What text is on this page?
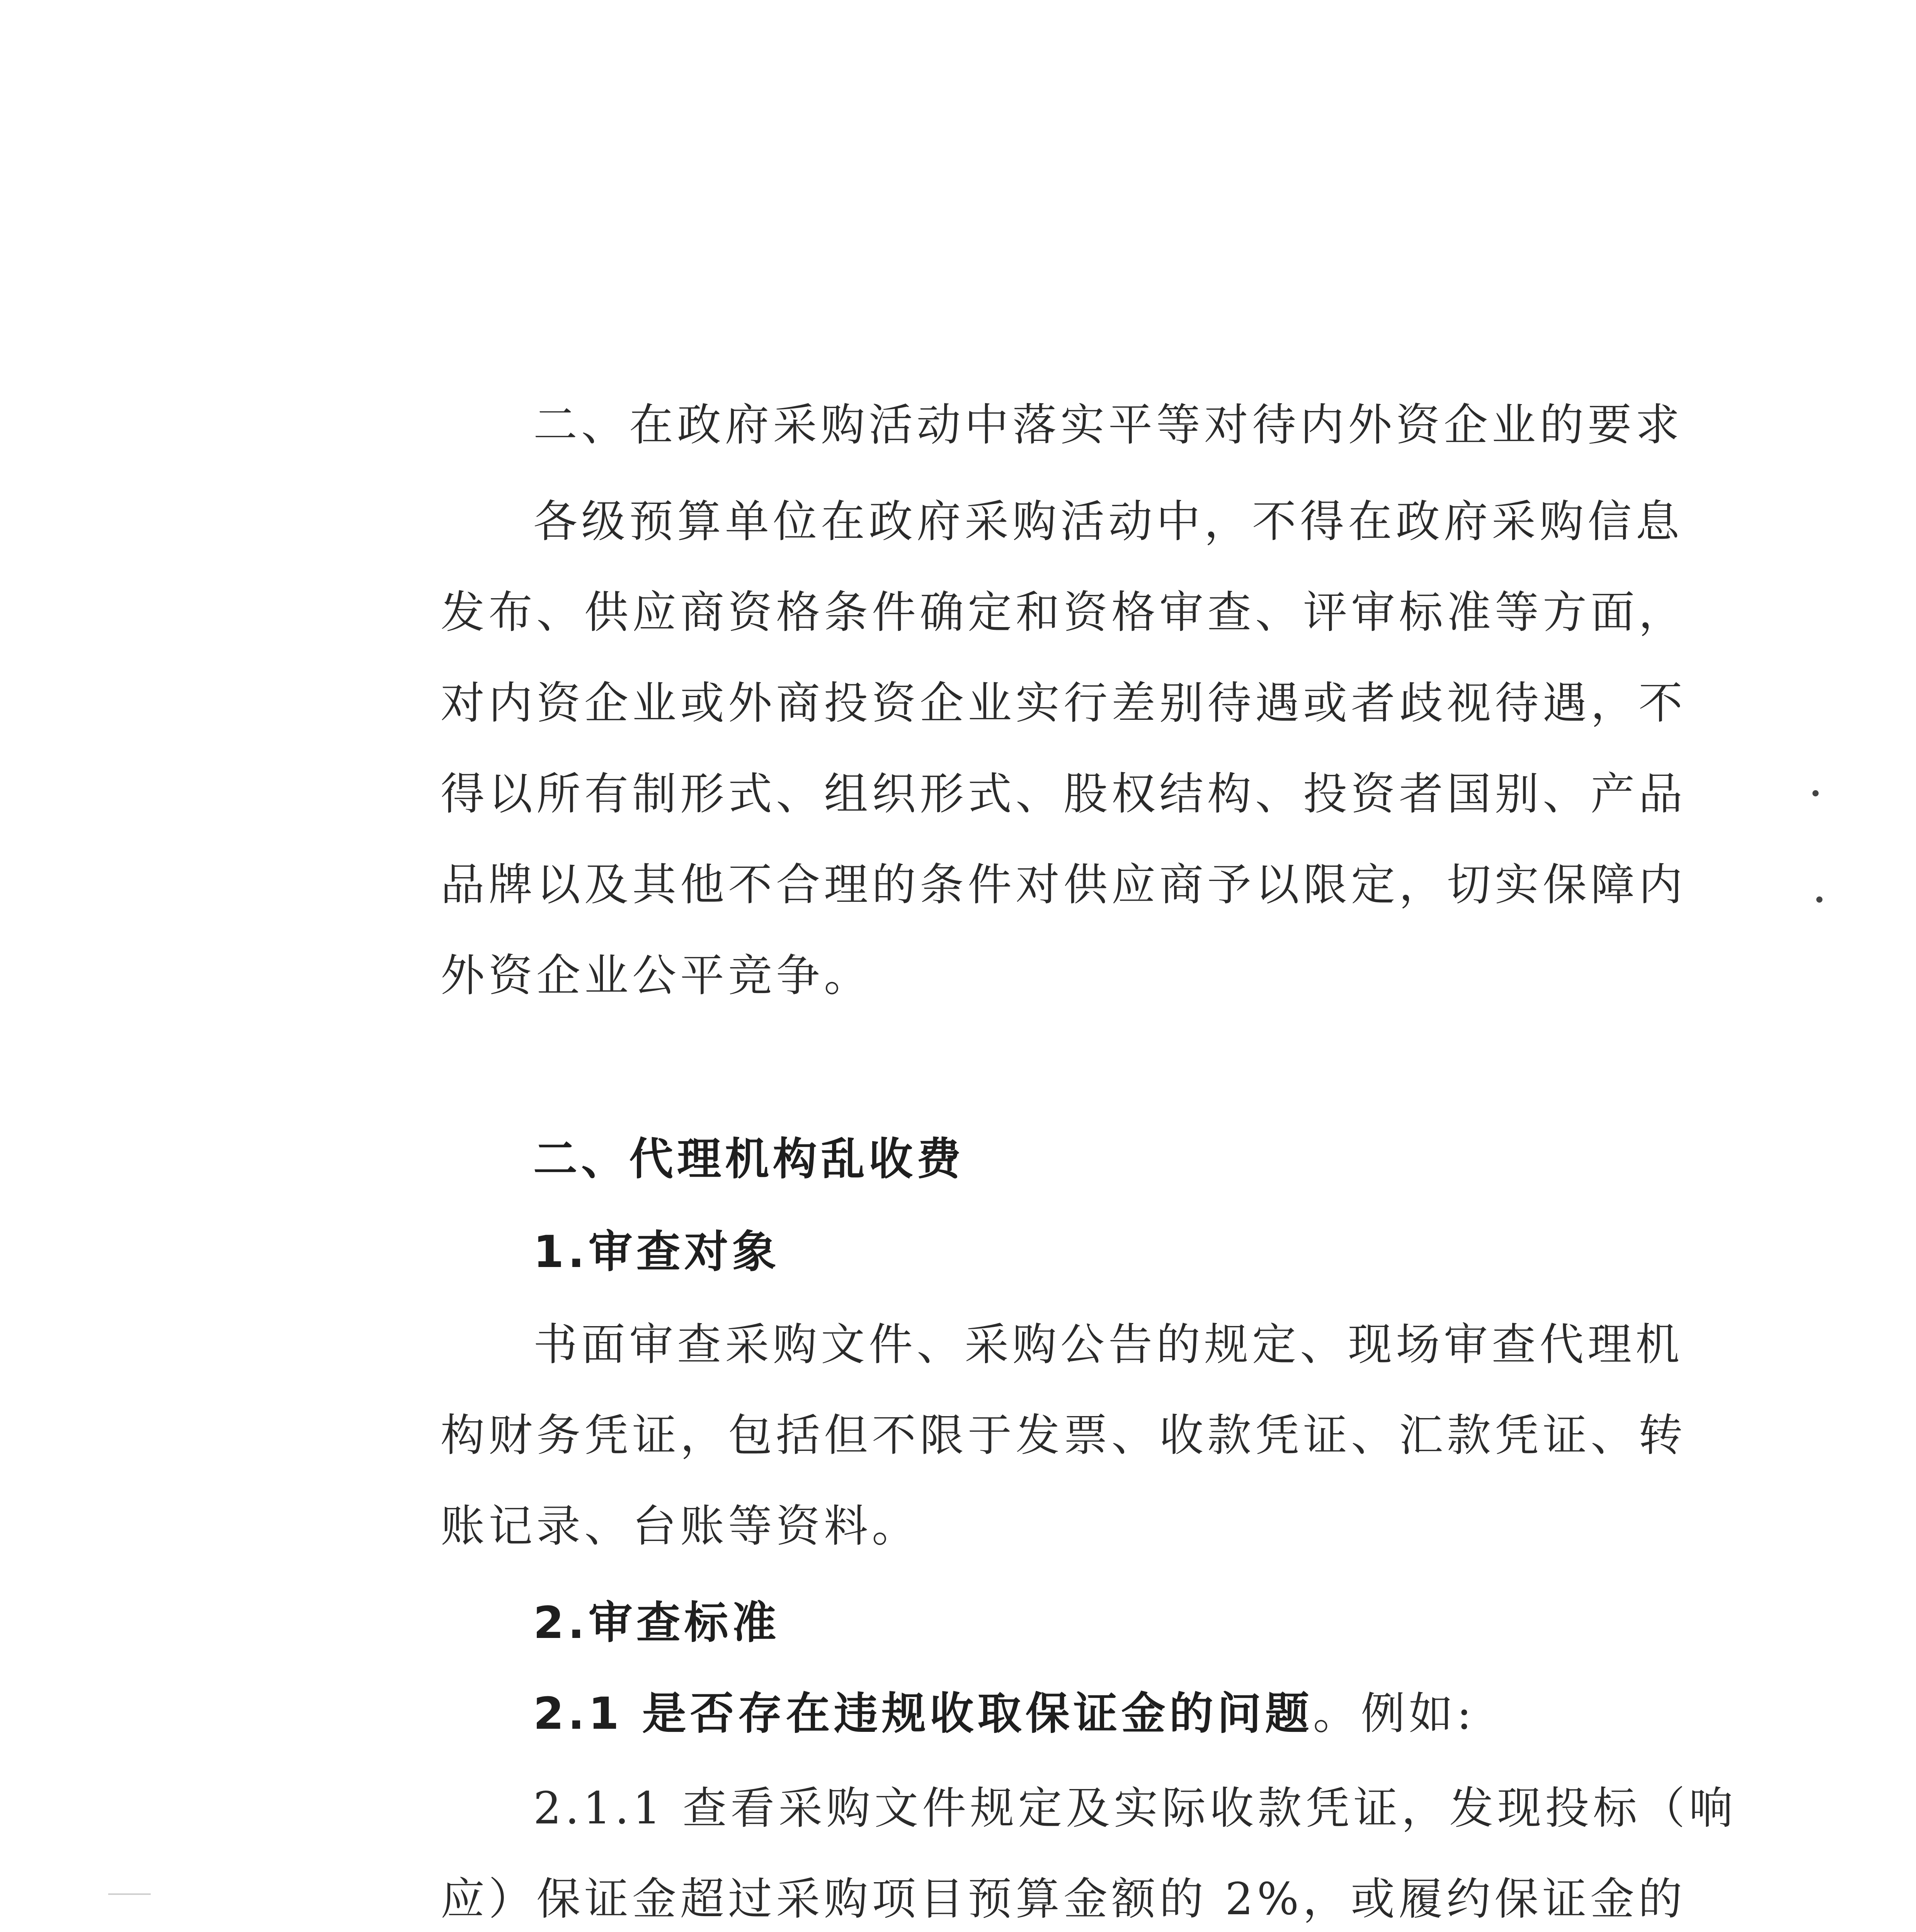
二、在政府采购活动中落实平等对待内外资企业的要求
各级预算单位在政府采购活动中，不得在政府采购信息
发布、供应商资格条件确定和资格审查、评审标准等方面，
对内资企业或外商投资企业实行差别待遇或者歧视待遇，不
得以所有制形式、组织形式、股权结构、投资者国别、产品
品牌以及其他不合理的条件对供应商予以限定，切实保障内
外资企业公平竞争。
二、代理机构乱收费
1.审查对象
书面审查采购文件、采购公告的规定、现场审查代理机
构财务凭证，包括但不限于发票、收款凭证、汇款凭证、转
账记录、台账等资料。
2.审查标准
2.1 是否存在违规收取保证金的问题。例如:
2.1.1 查看采购文件规定及实际收款凭证，发现投标（响
应）保证金超过采购项目预算金额的 2%，或履约保证金的
